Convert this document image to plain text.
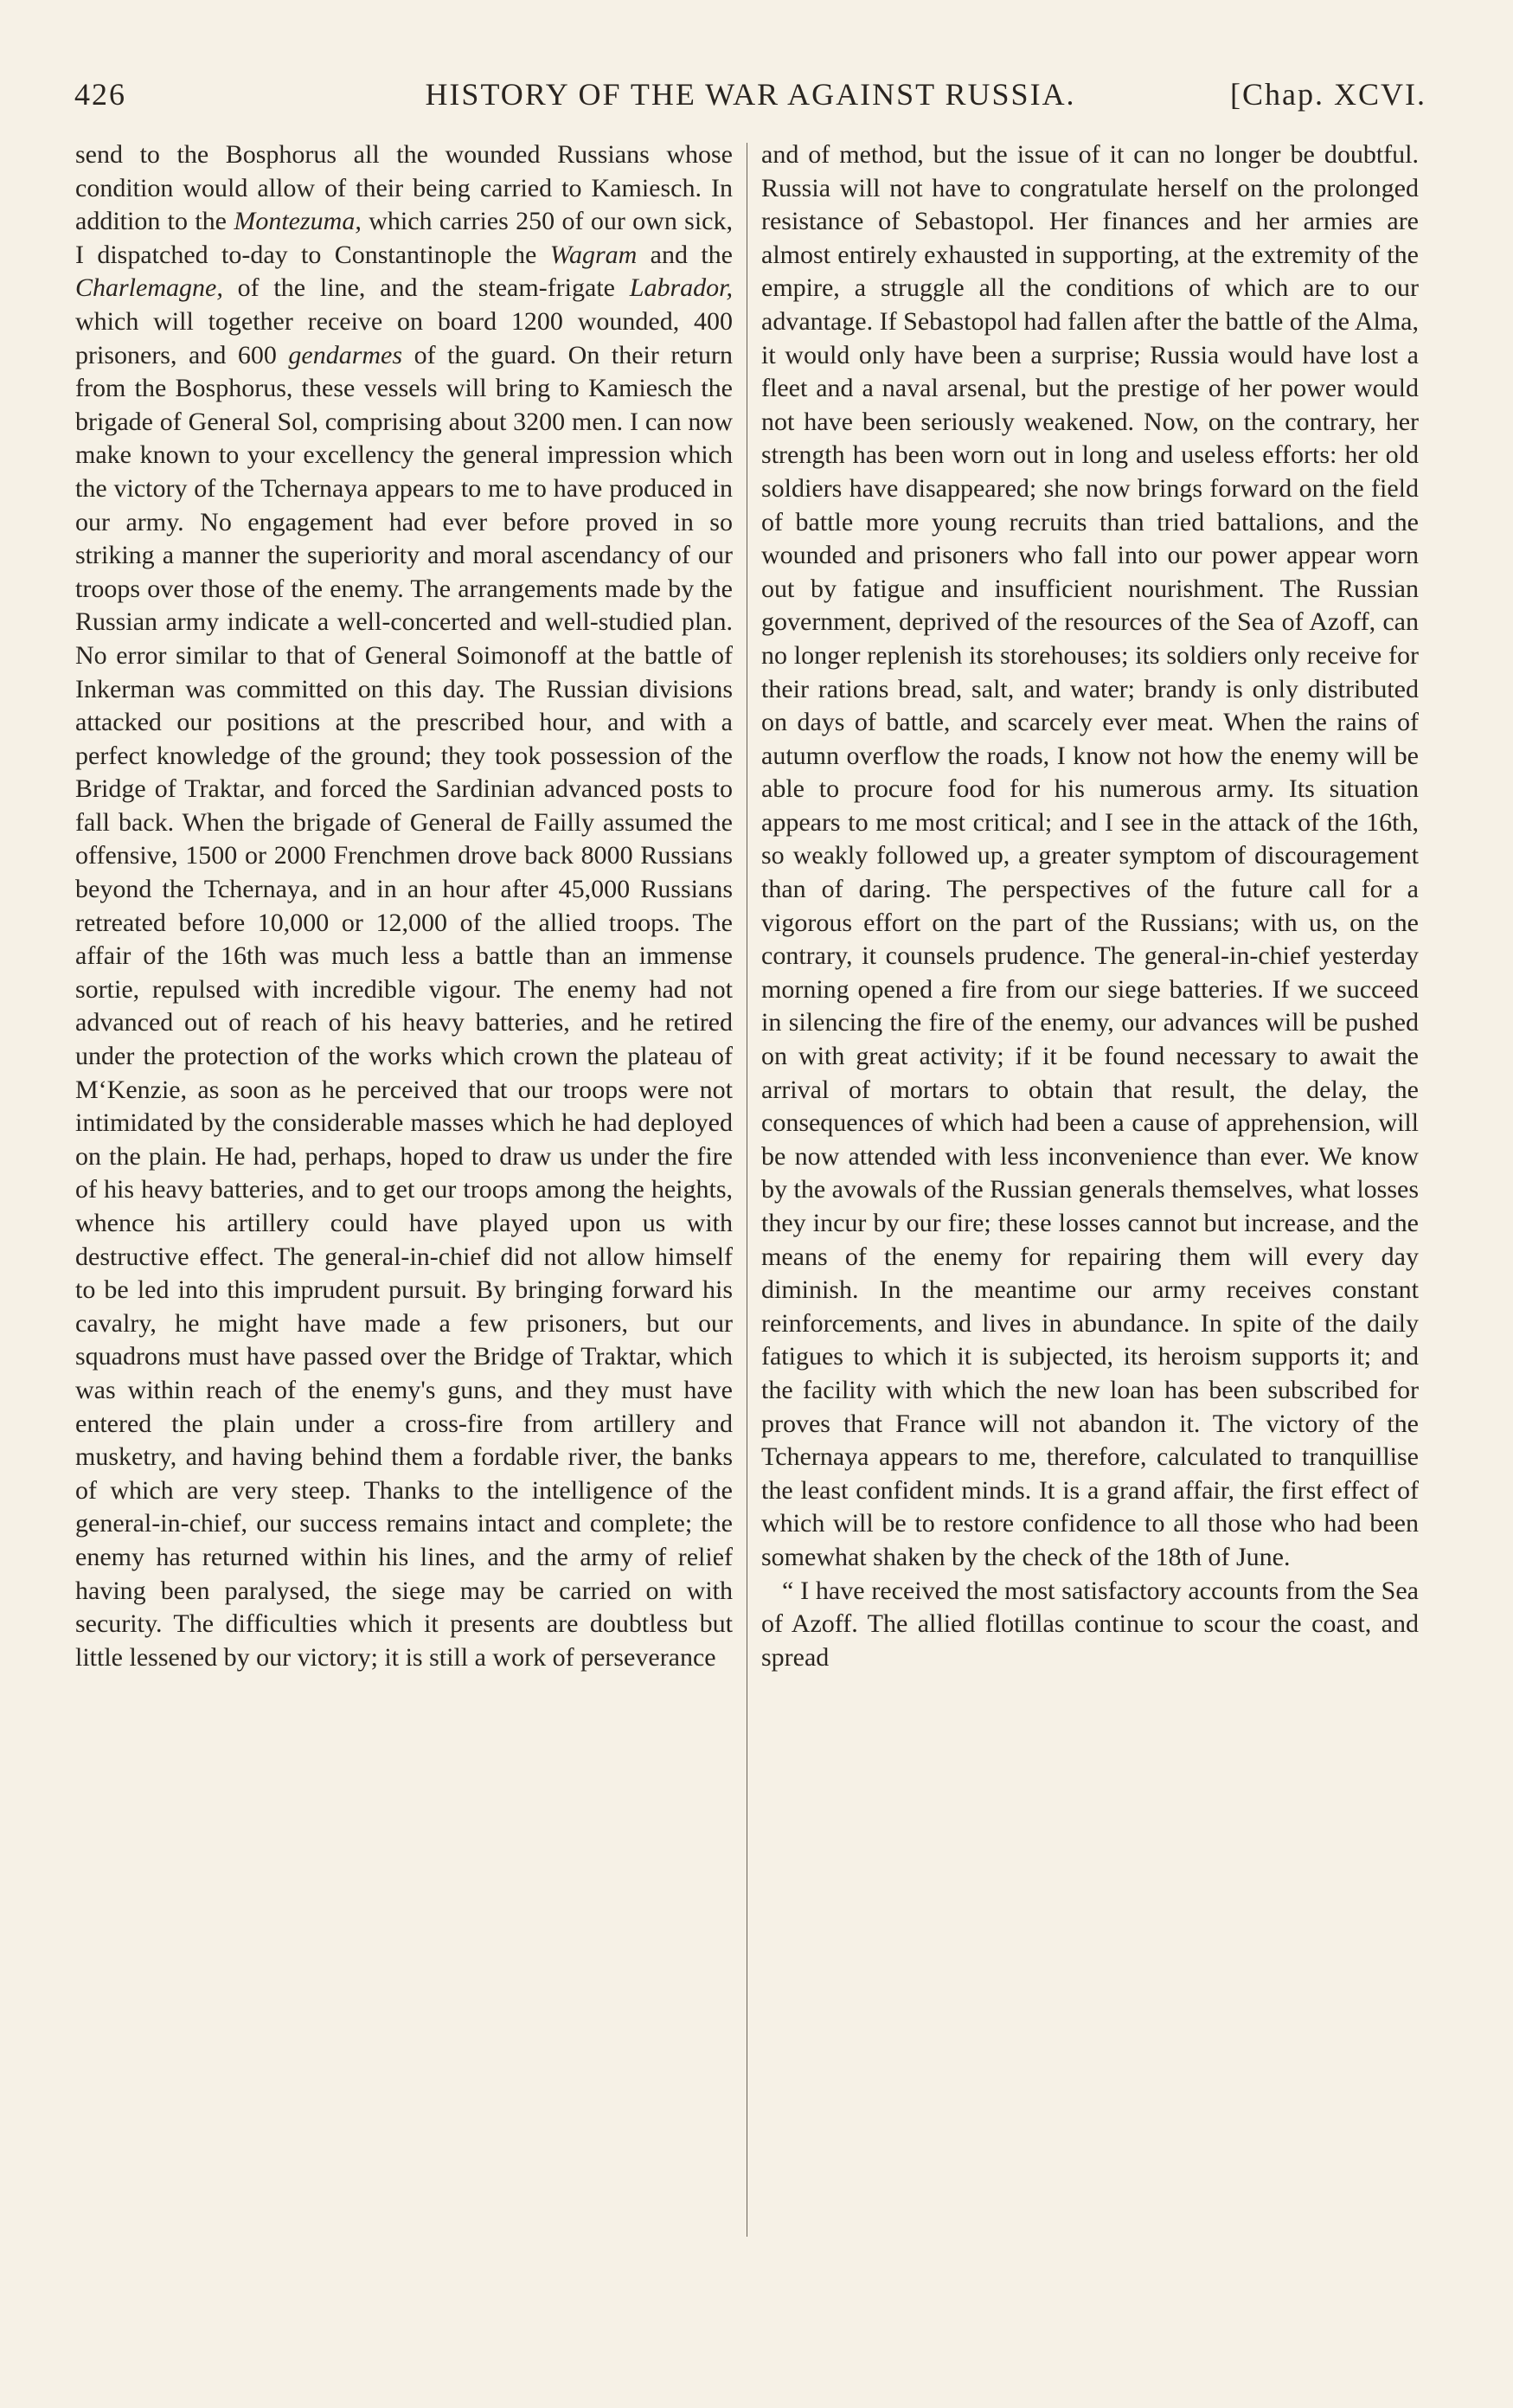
426	HISTORY OF THE WAR AGAINST RUSSIA.	[Chap. XCVI.

send to the Bosphorus all the wounded Russians whose condition would allow of their being carried to Kamiesch. In addition to the Montezuma, which carries 250 of our own sick, I dispatched to-day to Constantinople the Wagram and the Charlemagne, of the line, and the steam-frigate Labrador, which will together receive on board 1200 wounded, 400 prisoners, and 600 gendarmes of the guard. On their return from the Bosphorus, these vessels will bring to Kamiesch the brigade of General Sol, comprising about 3200 men. I can now make known to your excellency the general impression which the victory of the Tchernaya appears to me to have produced in our army. No engagement had ever before proved in so striking a manner the superiority and moral ascendancy of our troops over those of the enemy. The arrangements made by the Russian army indicate a well-concerted and well-studied plan. No error similar to that of General Soimonoff at the battle of Inkerman was committed on this day. The Russian divisions attacked our positions at the prescribed hour, and with a perfect knowledge of the ground; they took possession of the Bridge of Traktar, and forced the Sardinian advanced posts to fall back. When the brigade of General de Failly assumed the offensive, 1500 or 2000 Frenchmen drove back 8000 Russians beyond the Tchernaya, and in an hour after 45,000 Russians retreated before 10,000 or 12,000 of the allied troops. The affair of the 16th was much less a battle than an immense sortie, repulsed with incredible vigour. The enemy had not advanced out of reach of his heavy batteries, and he retired under the protection of the works which crown the plateau of M‘Kenzie, as soon as he perceived that our troops were not intimidated by the considerable masses which he had deployed on the plain. He had, perhaps, hoped to draw us under the fire of his heavy batteries, and to get our troops among the heights, whence his artillery could have played upon us with destructive effect. The general-in-chief did not allow himself to be led into this imprudent pursuit. By bringing forward his cavalry, he might have made a few prisoners, but our squadrons must have passed over the Bridge of Traktar, which was within reach of the enemy's guns, and they must have entered the plain under a cross-fire from artillery and musketry, and having behind them a fordable river, the banks of which are very steep. Thanks to the intelligence of the general-in-chief, our success remains intact and complete; the enemy has returned within his lines, and the army of relief having been paralysed, the siege may be carried on with security. The difficulties which it presents are doubtless but little lessened by our victory; it is still a work of perseverance

and of method, but the issue of it can no longer be doubtful. Russia will not have to congratulate herself on the prolonged resistance of Sebastopol. Her finances and her armies are almost entirely exhausted in supporting, at the extremity of the empire, a struggle all the conditions of which are to our advantage. If Sebastopol had fallen after the battle of the Alma, it would only have been a surprise; Russia would have lost a fleet and a naval arsenal, but the prestige of her power would not have been seriously weakened. Now, on the contrary, her strength has been worn out in long and useless efforts: her old soldiers have disappeared; she now brings forward on the field of battle more young recruits than tried battalions, and the wounded and prisoners who fall into our power appear worn out by fatigue and insufficient nourishment. The Russian government, deprived of the resources of the Sea of Azoff, can no longer replenish its storehouses; its soldiers only receive for their rations bread, salt, and water; brandy is only distributed on days of battle, and scarcely ever meat. When the rains of autumn overflow the roads, I know not how the enemy will be able to procure food for his numerous army. Its situation appears to me most critical; and I see in the attack of the 16th, so weakly followed up, a greater symptom of discouragement than of daring. The perspectives of the future call for a vigorous effort on the part of the Russians; with us, on the contrary, it counsels prudence. The general-in-chief yesterday morning opened a fire from our siege batteries. If we succeed in silencing the fire of the enemy, our advances will be pushed on with great activity; if it be found necessary to await the arrival of mortars to obtain that result, the delay, the consequences of which had been a cause of apprehension, will be now attended with less inconvenience than ever. We know by the avowals of the Russian generals themselves, what losses they incur by our fire; these losses cannot but increase, and the means of the enemy for repairing them will every day diminish. In the meantime our army receives constant reinforcements, and lives in abundance. In spite of the daily fatigues to which it is subjected, its heroism supports it; and the facility with which the new loan has been subscribed for proves that France will not abandon it. The victory of the Tchernaya appears to me, therefore, calculated to tranquillise the least confident minds. It is a grand affair, the first effect of which will be to restore confidence to all those who had been somewhat shaken by the check of the 18th of June.

“ I have received the most satisfactory accounts from the Sea of Azoff. The allied flotillas continue to scour the coast, and spread
